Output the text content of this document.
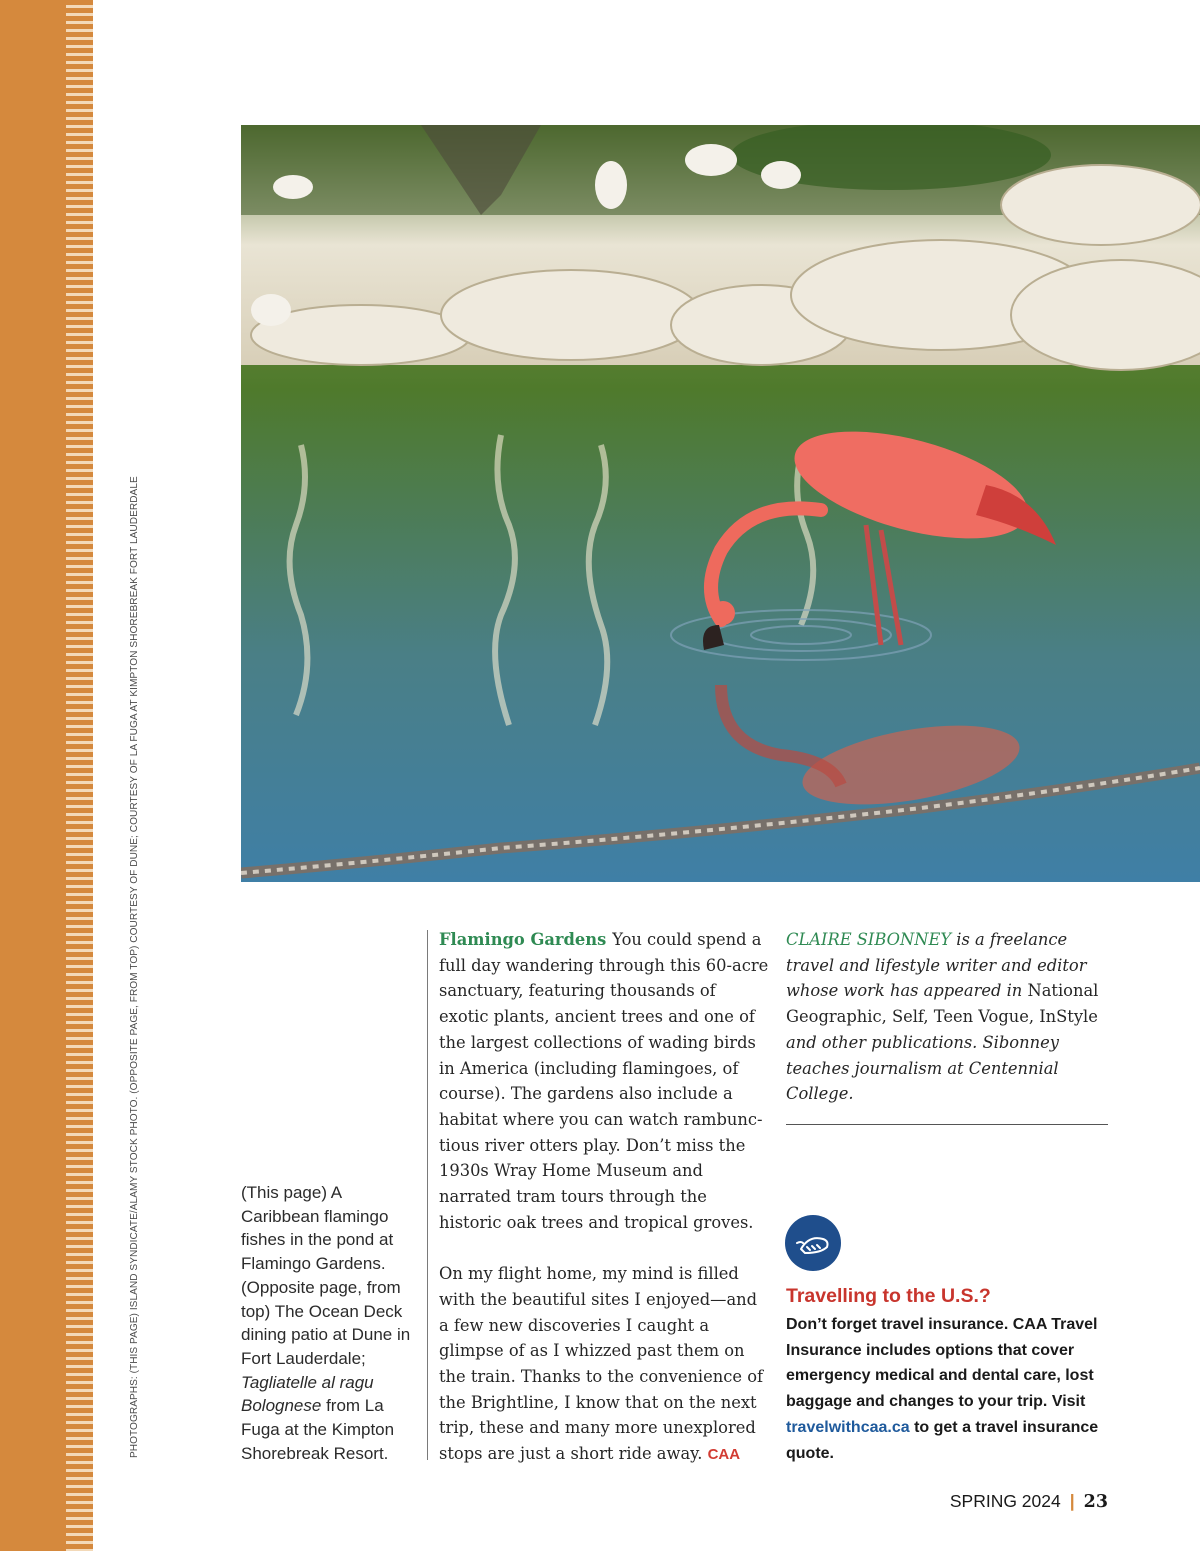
PHOTOGRAPHS: (THIS PAGE) ISLAND SYNDICATE/ALAMY STOCK PHOTO. (OPPOSITE PAGE, FROM TOP) COURTESY OF DUNE; COURTESY OF LA FUGA AT KIMPTON SHOREBREAK FORT LAUDERDALE	(This page) A Caribbean flamingo fishes in the pond at Flamingo Gardens. (Opposite page, from top) The Ocean Deck dining patio at Dune in Fort Lauderdale; Tagliatelle al ragu Bolognese from La Fuga at the Kimpton Shorebreak Resort.

Flamingo Gardens You could spend a full day wandering through this 60-acre sanctuary, featuring thousands of exotic plants, ancient trees and one of the largest collections of wading birds in America (including flamingoes, of course). The gardens also include a habitat where you can watch rambunc-tious river otters play. Don’t miss the 1930s Wray Home Museum and narrated tram tours through the historic oak trees and tropical groves.

On my flight home, my mind is filled with the beautiful sites I enjoyed—and a few new discoveries I caught a glimpse of as I whizzed past them on the train. Thanks to the convenience of the Brightline, I know that on the next trip, these and many more unexplored stops are just a short ride away. CAA

CLAIRE SIBONNEY is a freelance travel and lifestyle writer and editor whose work has appeared in National Geographic, Self, Teen Vogue, InStyle and other publications. Sibonney teaches journalism at Centennial College.
Travelling to the U.S.?
Don’t forget travel insurance. CAA Travel Insurance includes options that cover emergency medical and dental care, lost baggage and changes to your trip. Visit travelwithcaa.ca to get a travel insurance quote.
SPRING 2024 | 23
